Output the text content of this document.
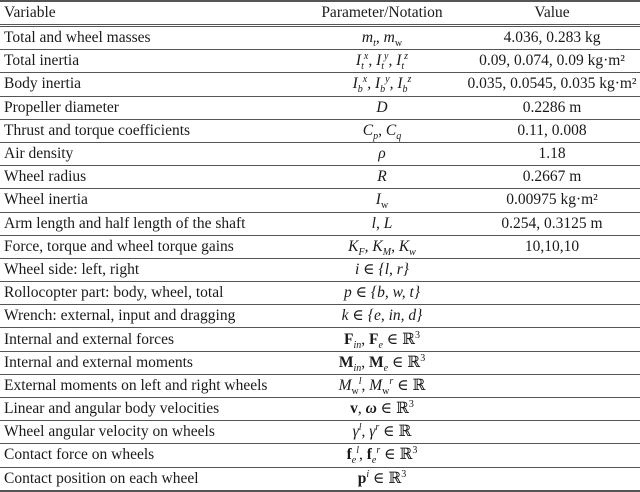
Variable	Parameter/Notation	Value
Total and wheel masses	$m_t$, $m_w$	4.036, 0.283 kg
Total inertia	$I_t^x$, $I_t^y$, $I_t^z$	0.09, 0.074, 0.09 kg·m²
Body inertia	$I_b^x$, $I_b^y$, $I_b^z$	0.035, 0.0545, 0.035 kg·m²
Propeller diameter	D	0.2286 m
Thrust and torque coefficients	$C_p$, $C_q$	0.11, 0.008
Air density	ρ	1.18
Wheel radius	R	0.2667 m
Wheel inertia	$I_w$	0.00975 kg·m²
Arm length and half length of the shaft	l, L	0.254, 0.3125 m
Force, torque and wheel torque gains	$K_F$, $K_M$, $K_w$	10,10,10
Wheel side: left, right	i ∈ {l, r}	
Rollocopter part: body, wheel, total	p ∈ {b, w, t}	
Wrench: external, input and dragging	k ∈ {e, in, d}	
Internal and external forces	$F_{in}$, $F_e$ ∈ ℝ$^3$	
Internal and external moments	$M_{in}$, $M_e$ ∈ ℝ$^3$	
External moments on left and right wheels	$M_w^l$, $M_w^r$ ∈ ℝ	
Linear and angular body velocities	v, ω ∈ ℝ$^3$	
Wheel angular velocity on wheels	$\gamma^l$, $\gamma^r$ ∈ ℝ	
Contact force on wheels	$f_e^l$, $f_e^r$ ∈ ℝ$^3$	
Contact position on each wheel	$p^i$ ∈ ℝ$^3$	
